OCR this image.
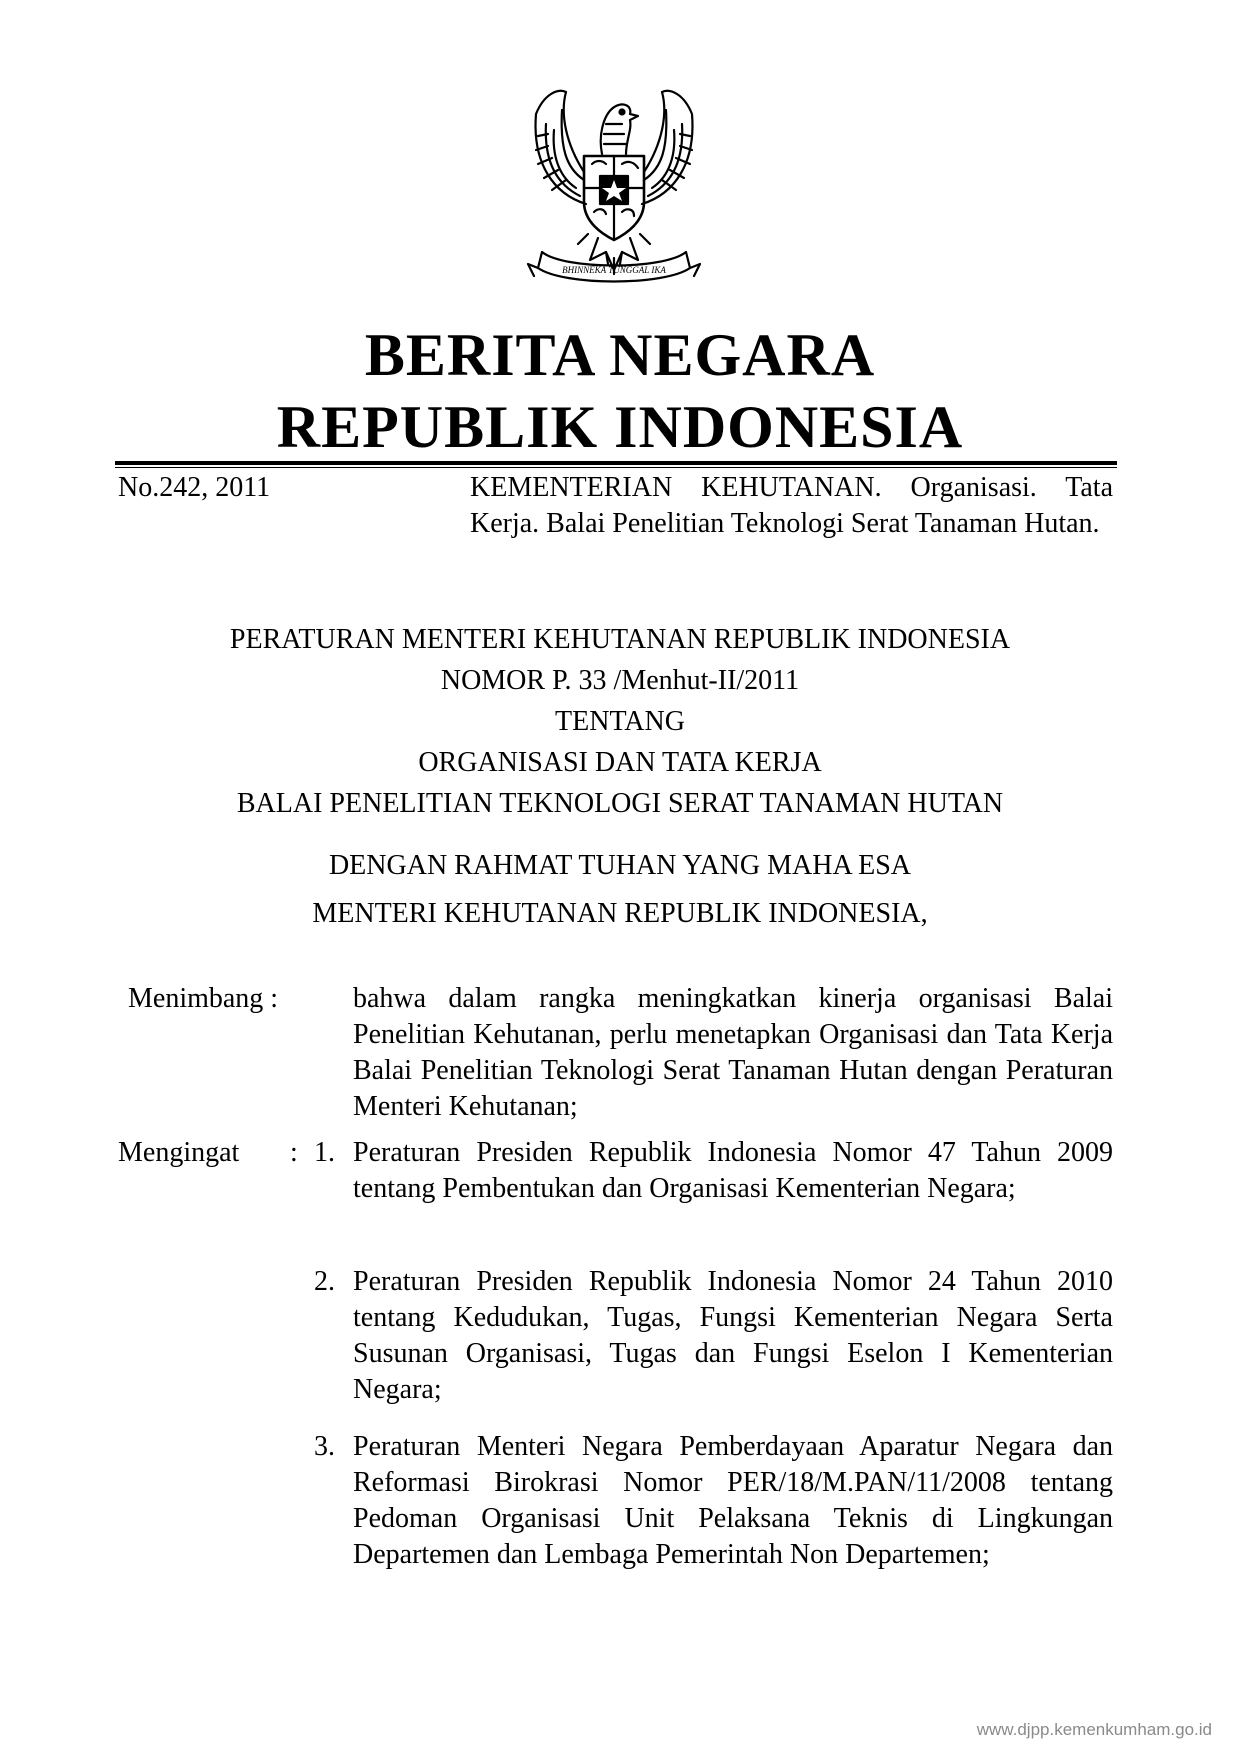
BHINNEKA TUNGGAL IKA
BERITA NEGARA
REPUBLIK INDONESIA
No.242, 2011	KEMENTERIAN KEHUTANAN. Organisasi. Tata Kerja. Balai Penelitian Teknologi Serat Tanaman Hutan.
PERATURAN MENTERI KEHUTANAN REPUBLIK INDONESIA
NOMOR P. 33 /Menhut-II/2011
TENTANG
ORGANISASI DAN TATA KERJA
BALAI PENELITIAN TEKNOLOGI SERAT TANAMAN HUTAN
DENGAN RAHMAT TUHAN YANG MAHA ESA
MENTERI KEHUTANAN REPUBLIK INDONESIA,
Menimbang :	bahwa dalam rangka meningkatkan kinerja organisasi Balai Penelitian Kehutanan, perlu menetapkan Organisasi dan Tata Kerja Balai Penelitian Teknologi Serat Tanaman Hutan dengan Peraturan Menteri Kehutanan;
Mengingat : 1. Peraturan Presiden Republik Indonesia Nomor 47 Tahun 2009 tentang Pembentukan dan Organisasi Kementerian Negara;
2. Peraturan Presiden Republik Indonesia Nomor 24 Tahun 2010 tentang Kedudukan, Tugas, Fungsi Kementerian Negara Serta Susunan Organisasi, Tugas dan Fungsi Eselon I Kementerian Negara;
3. Peraturan Menteri Negara Pemberdayaan Aparatur Negara dan Reformasi Birokrasi Nomor PER/18/M.PAN/11/2008 tentang Pedoman Organisasi Unit Pelaksana Teknis di Lingkungan Departemen dan Lembaga Pemerintah Non Departemen;
www.djpp.kemenkumham.go.id
